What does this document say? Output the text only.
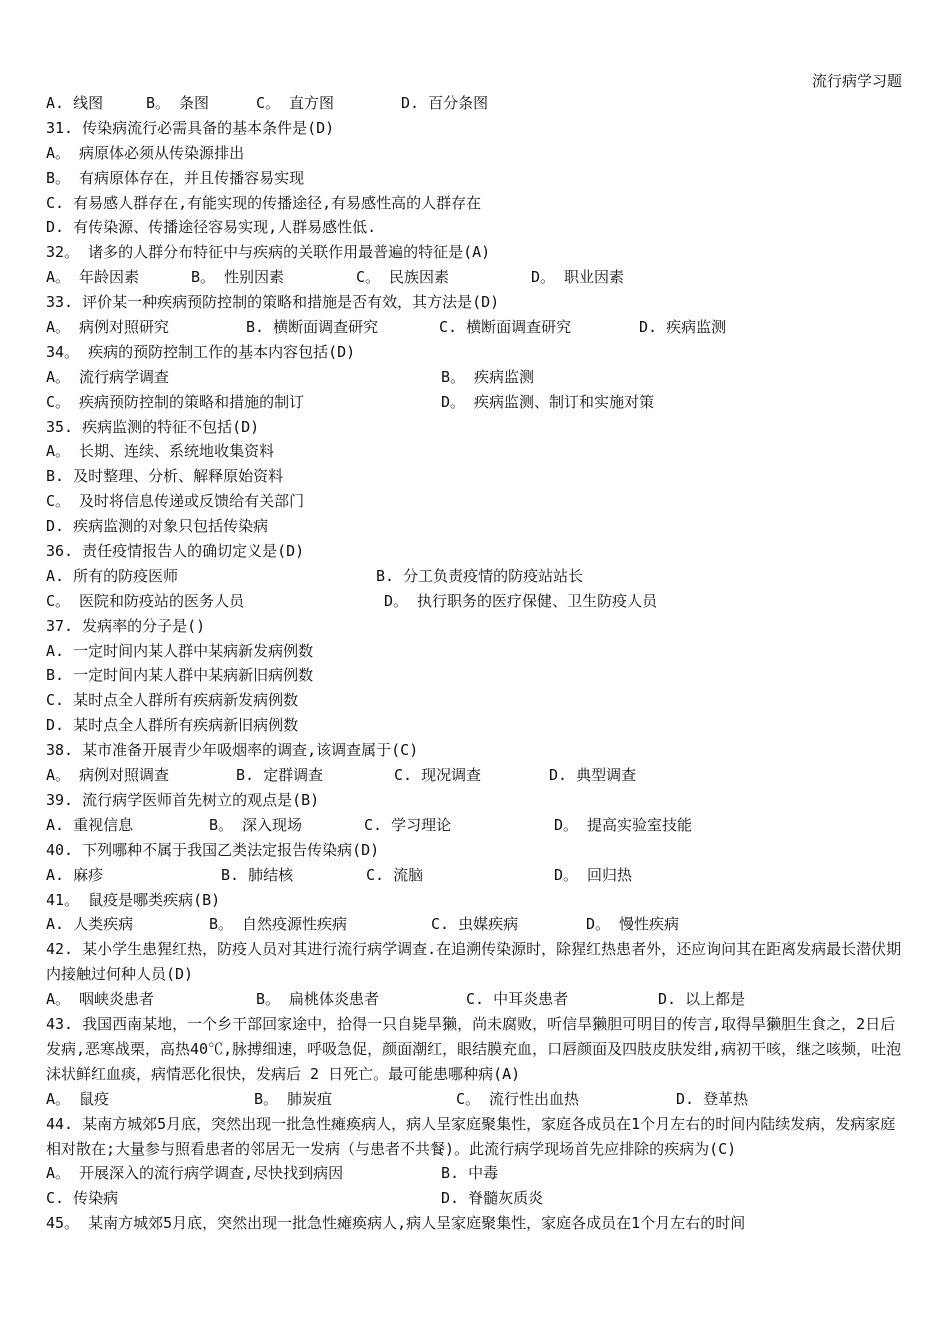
流行病学习题
A. 线图	B。 条图	C。 直方图	D. 百分条图
31. 传染病流行必需具备的基本条件是(D)
A。 病原体必须从传染源排出
B。 有病原体存在，并且传播容易实现
C. 有易感人群存在,有能实现的传播途径,有易感性高的人群存在
D. 有传染源、传播途径容易实现,人群易感性低.
32。 诸多的人群分布特征中与疾病的关联作用最普遍的特征是(A)
A。 年龄因素	B。 性别因素	C。 民族因素	D。 职业因素
33. 评价某一种疾病预防控制的策略和措施是否有效，其方法是(D)
A。 病例对照研究	B. 横断面调查研究	C. 横断面调查研究	D. 疾病监测
34。 疾病的预防控制工作的基本内容包括(D)
A。 流行病学调查	B。 疾病监测
C。 疾病预防控制的策略和措施的制订	D。 疾病监测、制订和实施对策
35. 疾病监测的特征不包括(D)
A。 长期、连续、系统地收集资料
B. 及时整理、分析、解释原始资料
C。 及时将信息传递或反馈给有关部门
D. 疾病监测的对象只包括传染病
36. 责任疫情报告人的确切定义是(D)
A. 所有的防疫医师	B. 分工负责疫情的防疫站站长
C。 医院和防疫站的医务人员	D。 执行职务的医疗保健、卫生防疫人员
37. 发病率的分子是()
A. 一定时间内某人群中某病新发病例数
B. 一定时间内某人群中某病新旧病例数
C. 某时点全人群所有疾病新发病例数
D. 某时点全人群所有疾病新旧病例数
38. 某市准备开展青少年吸烟率的调查,该调查属于(C)
A。 病例对照调查	B. 定群调查	C. 现况调查	D. 典型调查
39. 流行病学医师首先树立的观点是(B)
A. 重视信息	B。 深入现场	C. 学习理论	D。 提高实验室技能
40. 下列哪种不属于我国乙类法定报告传染病(D)
A. 麻疹	B. 肺结核	C. 流脑	D。 回归热
41。 鼠疫是哪类疾病(B)
A. 人类疾病	B。 自然疫源性疾病	C. 虫媒疾病	D。 慢性疾病
42. 某小学生患猩红热，防疫人员对其进行流行病学调查.在追溯传染源时，除猩红热患者外，还应询问其在距离发病最长潜伏期内接触过何种人员(D)
A。 咽峡炎患者	B。 扁桃体炎患者	C. 中耳炎患者	D. 以上都是
43. 我国西南某地，一个乡干部回家途中，拾得一只自毙旱獭，尚未腐败，听信旱獭胆可明目的传言,取得旱獭胆生食之，2日后发病,恶寒战栗，高热40℃,脉搏细速，呼吸急促，颜面潮红，眼结膜充血，口唇颜面及四肢皮肤发绀,病初干咳，继之咳频，吐泡沫状鲜红血痰，病情恶化很快，发病后 2 日死亡。最可能患哪种病(A)
A。 鼠疫	B。 肺炭疽	C。 流行性出血热	D. 登革热
44. 某南方城郊5月底，突然出现一批急性瘫痪病人，病人呈家庭聚集性，家庭各成员在1个月左右的时间内陆续发病，发病家庭相对散在;大量参与照看患者的邻居无一发病（与患者不共餐)。此流行病学现场首先应排除的疾病为(C)
A。 开展深入的流行病学调查,尽快找到病因	B. 中毒
C. 传染病	D. 脊髓灰质炎
45。 某南方城郊5月底，突然出现一批急性瘫痪病人,病人呈家庭聚集性，家庭各成员在1个月左右的时间
